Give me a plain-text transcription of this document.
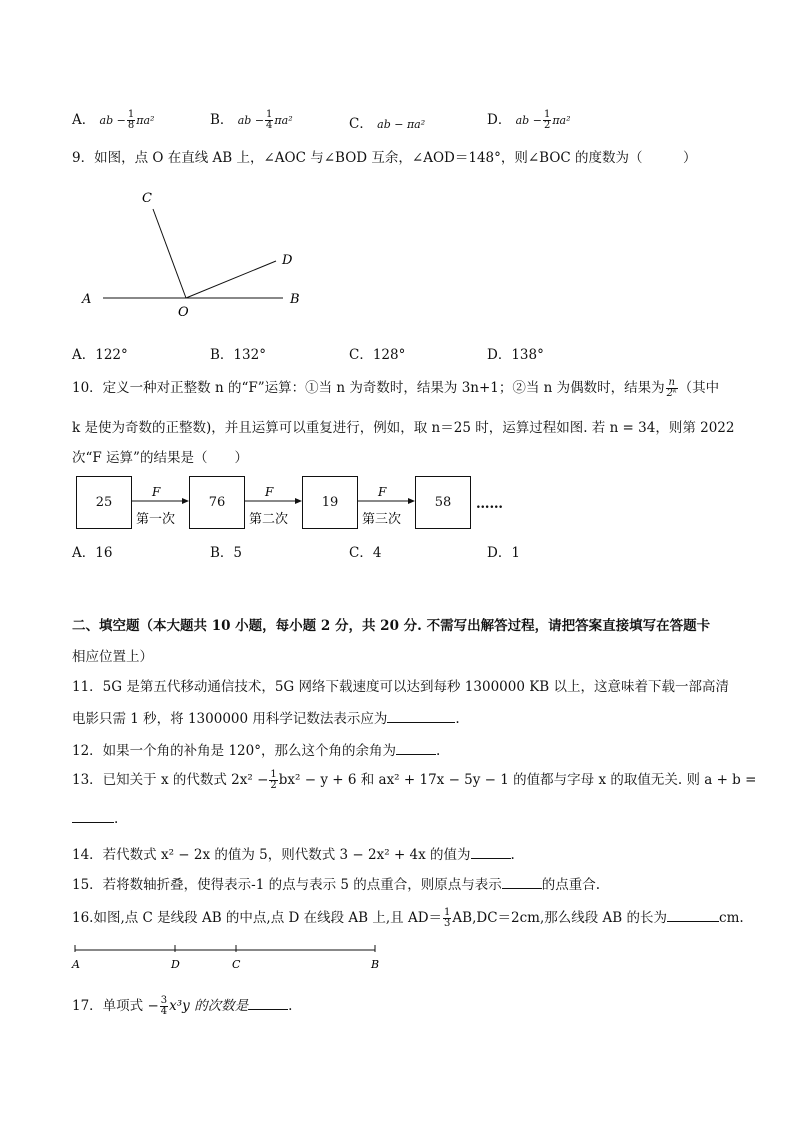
A． ab − $\frac{1}{8} \pi a^2$	B． ab − $\frac{1}{4} \pi a^2$	C． ab − πa²	D． ab − $\frac{1}{2} \pi a^2$
9．如图，点 O 在直线 AB 上，∠AOC 与∠BOD 互余，∠AOD＝148°，则∠BOC 的度数为（　　　）
A	B
C
D
O
A．122°	B．132°	C．128°	D．138°
10．定义一种对正整数 n 的“F”运算：①当 n 为奇数时，结果为 3n+1；②当 n 为偶数时，结果为 $\frac{n}{\text{2ᵏ}}$ （其中
k 是使为奇数的正整数)，并且运算可以重复进行，例如，取 n＝25 时，运算过程如图. 若 n = 34，则第 2022
次“F 运算”的结果是（　　）
25	76	19	58
F	F	F
第一次	第二次	第三次
……
A．16	B．5	C．4	D．1
二、填空题（本大题共 10 小题，每小题 2 分，共 20 分. 不需写出解答过程，请把答案直接填写在答题卡
相应位置上）
11．5G 是第五代移动通信技术，5G 网络下载速度可以达到每秒 1300000 KB 以上，这意味着下载一部高清
电影只需 1 秒，将 1300000 用科学记数法表示应为	.
12．如果一个角的补角是 120°，那么这个角的余角为	.
13．已知关于 x 的代数式 $2x^2 - \frac{1}{2} bx^2 - y + 6$ 和 ax² + 17x − 5y − 1 的值都与字母 x 的取值无关. 则 a + b =
.
14．若代数式 x² − 2x 的值为 5，则代数式 3 − 2x² + 4x 的值为	.
15．若将数轴折叠，使得表示-1 的点与表示 5 的点重合，则原点与表示	的点重合.
16.如图,点 C 是线段 AB 的中点,点 D 在线段 AB 上,且 $AD= \frac{1}{3} AB,DC=2cm$,那么线段 AB 的长为	cm.
A	D	C	B
17．单项式 − $\frac{3}{4} x^3y$ 的次数是	.
